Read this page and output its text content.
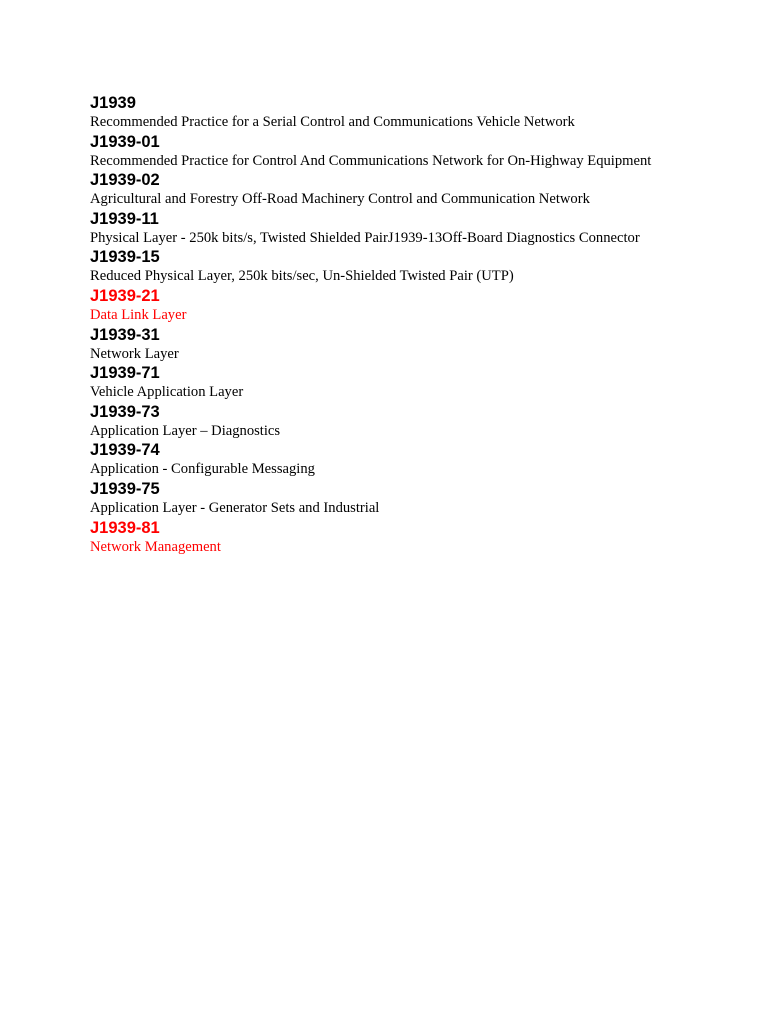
J1939
Recommended Practice for a Serial Control and Communications Vehicle Network
J1939-01
Recommended Practice for Control And Communications Network for On-Highway Equipment
J1939-02
Agricultural and Forestry Off-Road Machinery Control and Communication Network
J1939-11
Physical Layer - 250k bits/s, Twisted Shielded PairJ1939-13Off-Board Diagnostics Connector
J1939-15
Reduced Physical Layer, 250k bits/sec, Un-Shielded Twisted Pair (UTP)
J1939-21
Data Link Layer
J1939-31
Network Layer
J1939-71
Vehicle Application Layer
J1939-73
Application Layer – Diagnostics
J1939-74
Application - Configurable Messaging
J1939-75
Application Layer - Generator Sets and Industrial
J1939-81
Network Management
